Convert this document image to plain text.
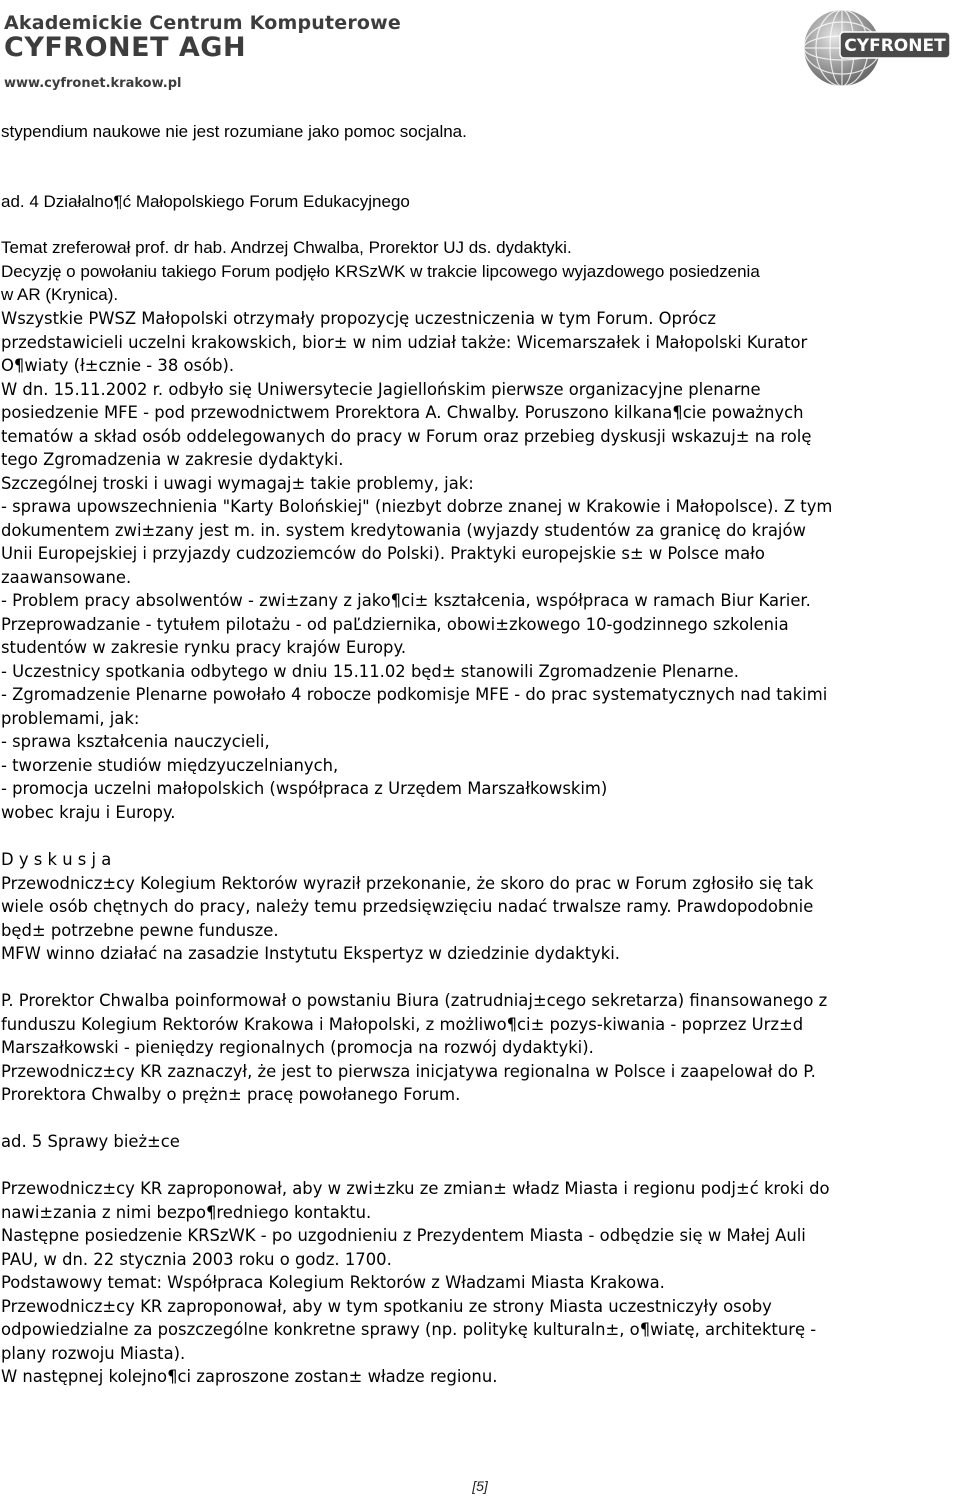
Akademickie Centrum Komputerowe
CYFRONET AGH
www.cyfronet.krakow.pl
CYFRONET
stypendium naukowe nie jest rozumiane jako pomoc socjalna.
ad. 4 Działalno¶ć Małopolskiego Forum Edukacyjnego
Temat zreferował prof. dr hab. Andrzej Chwalba, Prorektor UJ ds. dydaktyki.
Decyzję o powołaniu takiego Forum podjęło KRSzWK w trakcie lipcowego wyjazdowego posiedzenia
w AR (Krynica).
Wszystkie PWSZ Małopolski otrzymały propozycję uczestniczenia w tym Forum. Oprócz
przedstawicieli uczelni krakowskich, bior± w nim udział także: Wicemarszałek i Małopolski Kurator
O¶wiaty (ł±cznie - 38 osób).
W dn. 15.11.2002 r. odbyło się Uniwersytecie Jagiellońskim pierwsze organizacyjne plenarne
posiedzenie MFE - pod przewodnictwem Prorektora A. Chwalby. Poruszono kilkana¶cie poważnych
tematów a skład osób oddelegowanych do pracy w Forum oraz przebieg dyskusji wskazuj± na rolę
tego Zgromadzenia w zakresie dydaktyki.
Szczególnej troski i uwagi wymagaj± takie problemy, jak:
- sprawa upowszechnienia "Karty Bolońskiej" (niezbyt dobrze znanej w Krakowie i Małopolsce). Z tym
dokumentem zwi±zany jest m. in. system kredytowania (wyjazdy studentów za granicę do krajów
Unii Europejskiej i przyjazdy cudzoziemców do Polski). Praktyki europejskie s± w Polsce mało
zaawansowane.
- Problem pracy absolwentów - zwi±zany z jako¶ci± kształcenia, współpraca w ramach Biur Karier.
Przeprowadzanie - tytułem pilotażu - od paĽdziernika, obowi±zkowego 10-godzinnego szkolenia
studentów w zakresie rynku pracy krajów Europy.
- Uczestnicy spotkania odbytego w dniu 15.11.02 będ± stanowili Zgromadzenie Plenarne.
- Zgromadzenie Plenarne powołało 4 robocze podkomisje MFE - do prac systematycznych nad takimi
problemami, jak:
- sprawa kształcenia nauczycieli,
- tworzenie studiów międzyuczelnianych,
- promocja uczelni małopolskich (współpraca z Urzędem Marszałkowskim)
wobec kraju i Europy.
D y s k u s j a
Przewodnicz±cy Kolegium Rektorów wyraził przekonanie, że skoro do prac w Forum zgłosiło się tak
wiele osób chętnych do pracy, należy temu przedsięwzięciu nadać trwalsze ramy. Prawdopodobnie
będ± potrzebne pewne fundusze.
MFW winno działać na zasadzie Instytutu Ekspertyz w dziedzinie dydaktyki.
P. Prorektor Chwalba poinformował o powstaniu Biura (zatrudniaj±cego sekretarza) finansowanego z
funduszu Kolegium Rektorów Krakowa i Małopolski, z możliwo¶ci± pozys-kiwania - poprzez Urz±d
Marszałkowski - pieniędzy regionalnych (promocja na rozwój dydaktyki).
Przewodnicz±cy KR zaznaczył, że jest to pierwsza inicjatywa regionalna w Polsce i zaapelował do P.
Prorektora Chwalby o prężn± pracę powołanego Forum.
ad. 5 Sprawy bież±ce
Przewodnicz±cy KR zaproponował, aby w zwi±zku ze zmian± władz Miasta i regionu podj±ć kroki do
nawi±zania z nimi bezpo¶redniego kontaktu.
Następne posiedzenie KRSzWK - po uzgodnieniu z Prezydentem Miasta - odbędzie się w Małej Auli
PAU, w dn. 22 stycznia 2003 roku o godz. 1700.
Podstawowy temat: Współpraca Kolegium Rektorów z Władzami Miasta Krakowa.
Przewodnicz±cy KR zaproponował, aby w tym spotkaniu ze strony Miasta uczestniczyły osoby
odpowiedzialne za poszczególne konkretne sprawy (np. politykę kulturaln±, o¶wiatę, architekturę -
plany rozwoju Miasta).
W następnej kolejno¶ci zaproszone zostan± władze regionu.
[5]
